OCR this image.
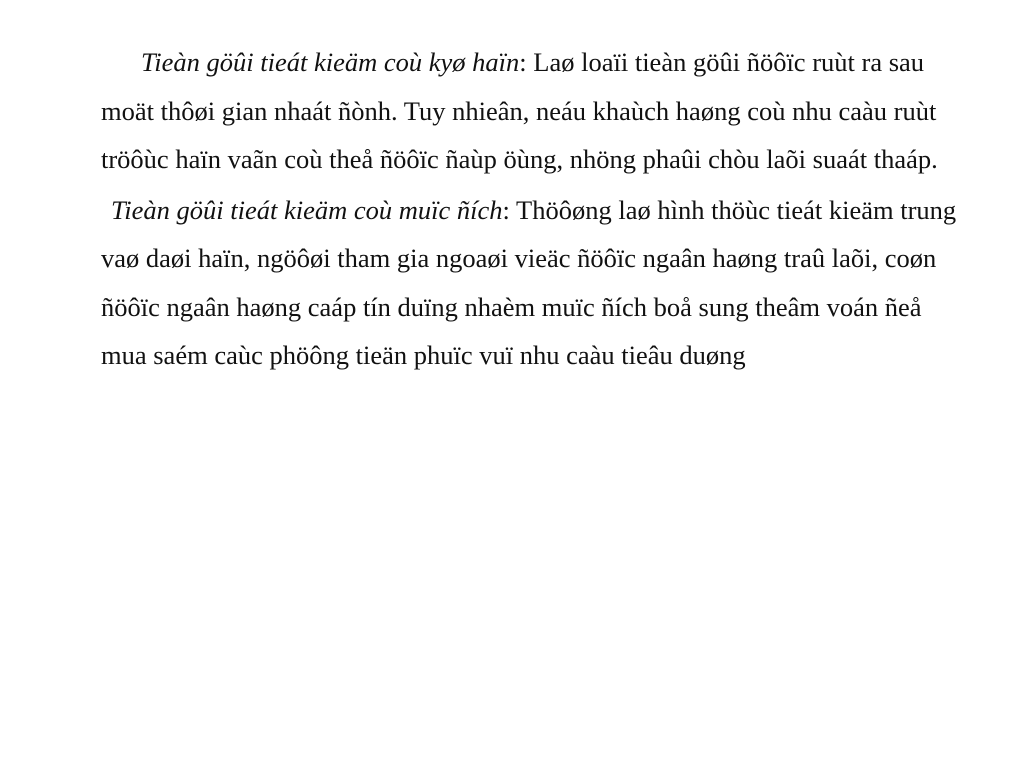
Tieàn göûi tieát kieäm coù kyø haïn: Laø loaïi tieàn göûi ñöôïc ruùt ra sau moät thôøi gian nhaát ñònh. Tuy nhieân, neáu khaùch haøng coù nhu caàu ruùt tröôùc haïn vaãn coù theå ñöôïc ñaùp öùng, nhöng phaûi chòu laõi suaát thaáp.

Tieàn göûi tieát kieäm coù muïc ñích: Thöôøng laø hình thöùc tieát kieäm trung vaø daøi haïn, ngöôøi tham gia ngoaøi vieäc ñöôïc ngaân haøng traû laõi, coøn ñöôïc ngaân haøng caáp tín duïng nhaèm muïc ñích boå sung theâm voán ñeå mua saém caùc phöông tieän phuïc vuï nhu caàu tieâu duøng
